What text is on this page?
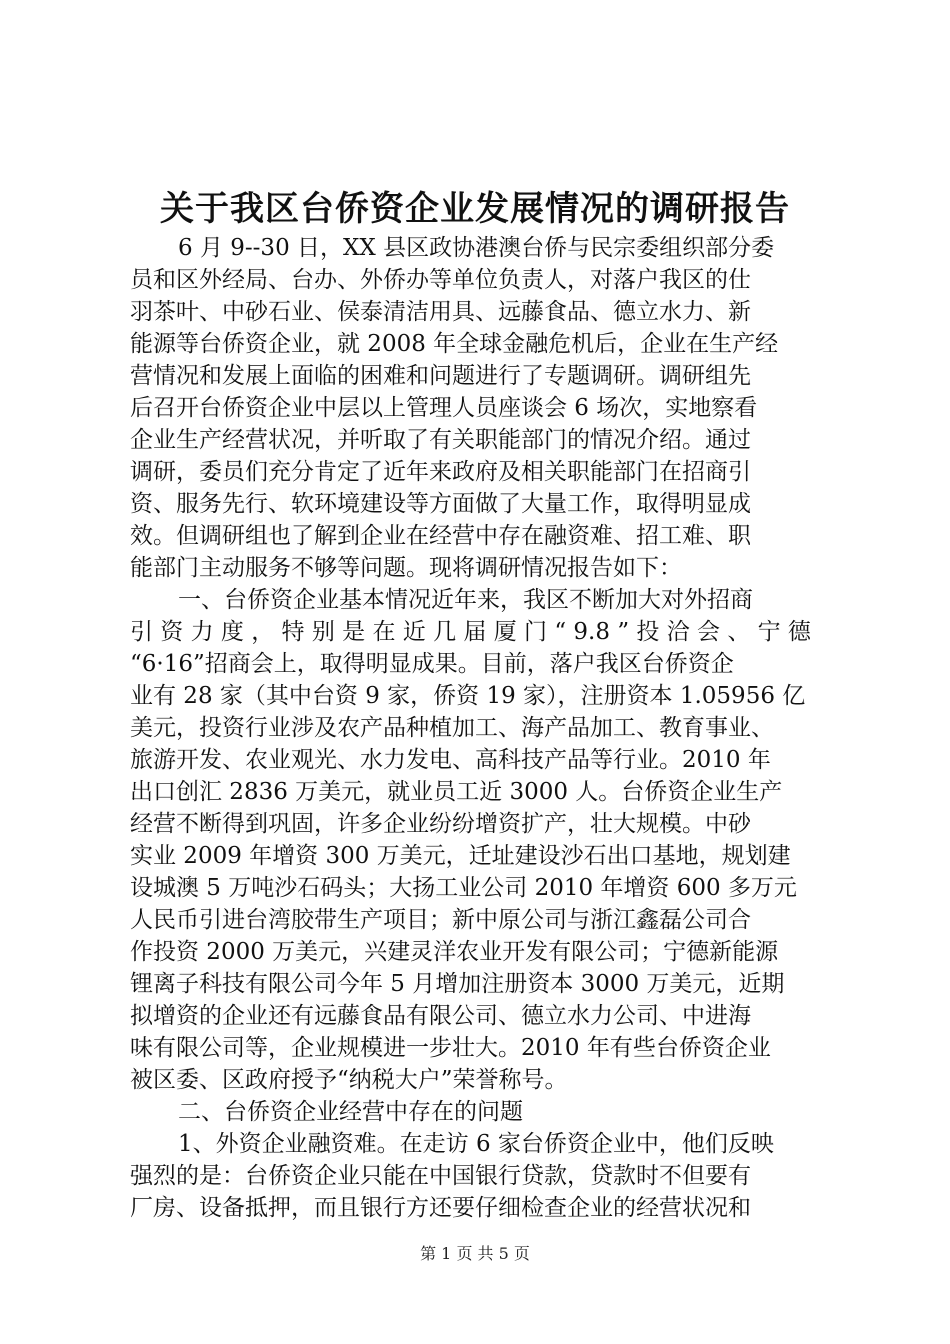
关于我区台侨资企业发展情况的调研报告
6 月 9--30 日，XX 县区政协港澳台侨与民宗委组织部分委
员和区外经局、台办、外侨办等单位负责人，对落户我区的仕
羽茶叶、中砂石业、侯泰清洁用具、远藤食品、德立水力、新
能源等台侨资企业，就 2008 年全球金融危机后，企业在生产经
营情况和发展上面临的困难和问题进行了专题调研。调研组先
后召开台侨资企业中层以上管理人员座谈会 6 场次，实地察看
企业生产经营状况，并听取了有关职能部门的情况介绍。通过
调研，委员们充分肯定了近年来政府及相关职能部门在招商引
资、服务先行、软环境建设等方面做了大量工作，取得明显成
效。但调研组也了解到企业在经营中存在融资难、招工难、职
能部门主动服务不够等问题。现将调研情况报告如下：
一、台侨资企业基本情况近年来，我区不断加大对外招商
引 资 力 度 ， 特 别 是 在 近 几 届 厦 门 “ 9.8 ” 投 洽 会 、 宁 德
“6·16”招商会上，取得明显成果。目前，落户我区台侨资企
业有 28 家（其中台资 9 家，侨资 19 家），注册资本 1.05956 亿
美元，投资行业涉及农产品种植加工、海产品加工、教育事业、
旅游开发、农业观光、水力发电、高科技产品等行业。2010 年
出口创汇 2836 万美元，就业员工近 3000 人。台侨资企业生产
经营不断得到巩固，许多企业纷纷增资扩产，壮大规模。中砂
实业 2009 年增资 300 万美元，迁址建设沙石出口基地，规划建
设城澳 5 万吨沙石码头；大扬工业公司 2010 年增资 600 多万元
人民币引进台湾胶带生产项目；新中原公司与浙江鑫磊公司合
作投资 2000 万美元，兴建灵洋农业开发有限公司；宁德新能源
锂离子科技有限公司今年 5 月增加注册资本 3000 万美元，近期
拟增资的企业还有远藤食品有限公司、德立水力公司、中进海
味有限公司等，企业规模进一步壮大。2010 年有些台侨资企业
被区委、区政府授予“纳税大户”荣誉称号。
二、台侨资企业经营中存在的问题
1、外资企业融资难。在走访 6 家台侨资企业中，他们反映
强烈的是：台侨资企业只能在中国银行贷款，贷款时不但要有
厂房、设备抵押，而且银行方还要仔细检查企业的经营状况和
第 1 页 共 5 页
